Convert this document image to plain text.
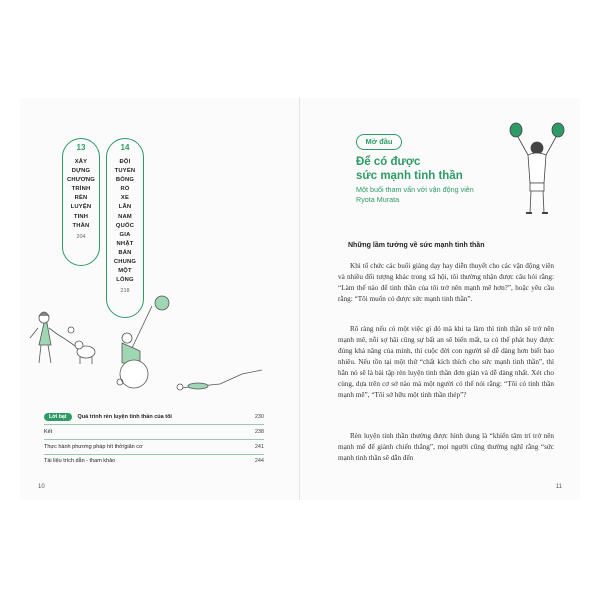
13
XÂY
DỰNG
CHƯƠNG
TRÌNH
RÈN
LUYỆN
TINH
THẦN
204
14
ĐỘI
TUYỂN
BÓNG
RỔ
XE
LĂN
NAM
QUỐC
GIA
NHẬT
BẢN
CHUNG
MỘT
LÒNG
218
Lời bạt	Quá trình rèn luyện tinh thần của tôi	230
Kết	238
Thực hành phương pháp hít thở/giãn cơ	241
Tài liệu trích dẫn - tham khảo	244
10
Mở đầu
Để có được
sức mạnh tinh thần
Một buổi tham vấn với vận động viên
Ryota Murata
Những lầm tưởng về sức mạnh tinh thần

Khi tổ chức các buổi giảng dạy hay diễn thuyết cho các vận động viên và nhiều đối tượng khác trong xã hội, tôi thường nhận được câu hỏi rằng: “Làm thế nào để tinh thần của tôi trở nên mạnh mẽ hơn?”, hoặc yêu cầu rằng: “Tôi muốn có được sức mạnh tinh thần”.

Rõ ràng nếu có một việc gì đó mà khi ta làm thì tinh thần sẽ trở nên mạnh mẽ, nỗi sợ hãi cũng sự bất an sẽ biến mất, ta có thể phát huy được đúng khả năng của mình, thì cuộc đời con người sẽ dễ dàng hơn biết bao nhiêu. Nếu tồn tại một thứ “chất kích thích cho sức mạnh tinh thần”, thì hẳn nó sẽ là bài tập rèn luyện tinh thần đơn giản và dễ dàng nhất. Xét cho cùng, dựa trên cơ sở nào mà một người có thể nói rằng: “Tôi có tinh thần mạnh mẽ”, “Tôi sở hữu một tinh thần thép”?

Rèn luyện tinh thần thường được hình dung là “khiến tâm trí trở nên mạnh mẽ để giành chiến thắng”, mọi người cũng thường nghĩ rằng “sức mạnh tinh thần sẽ dẫn đến

11
